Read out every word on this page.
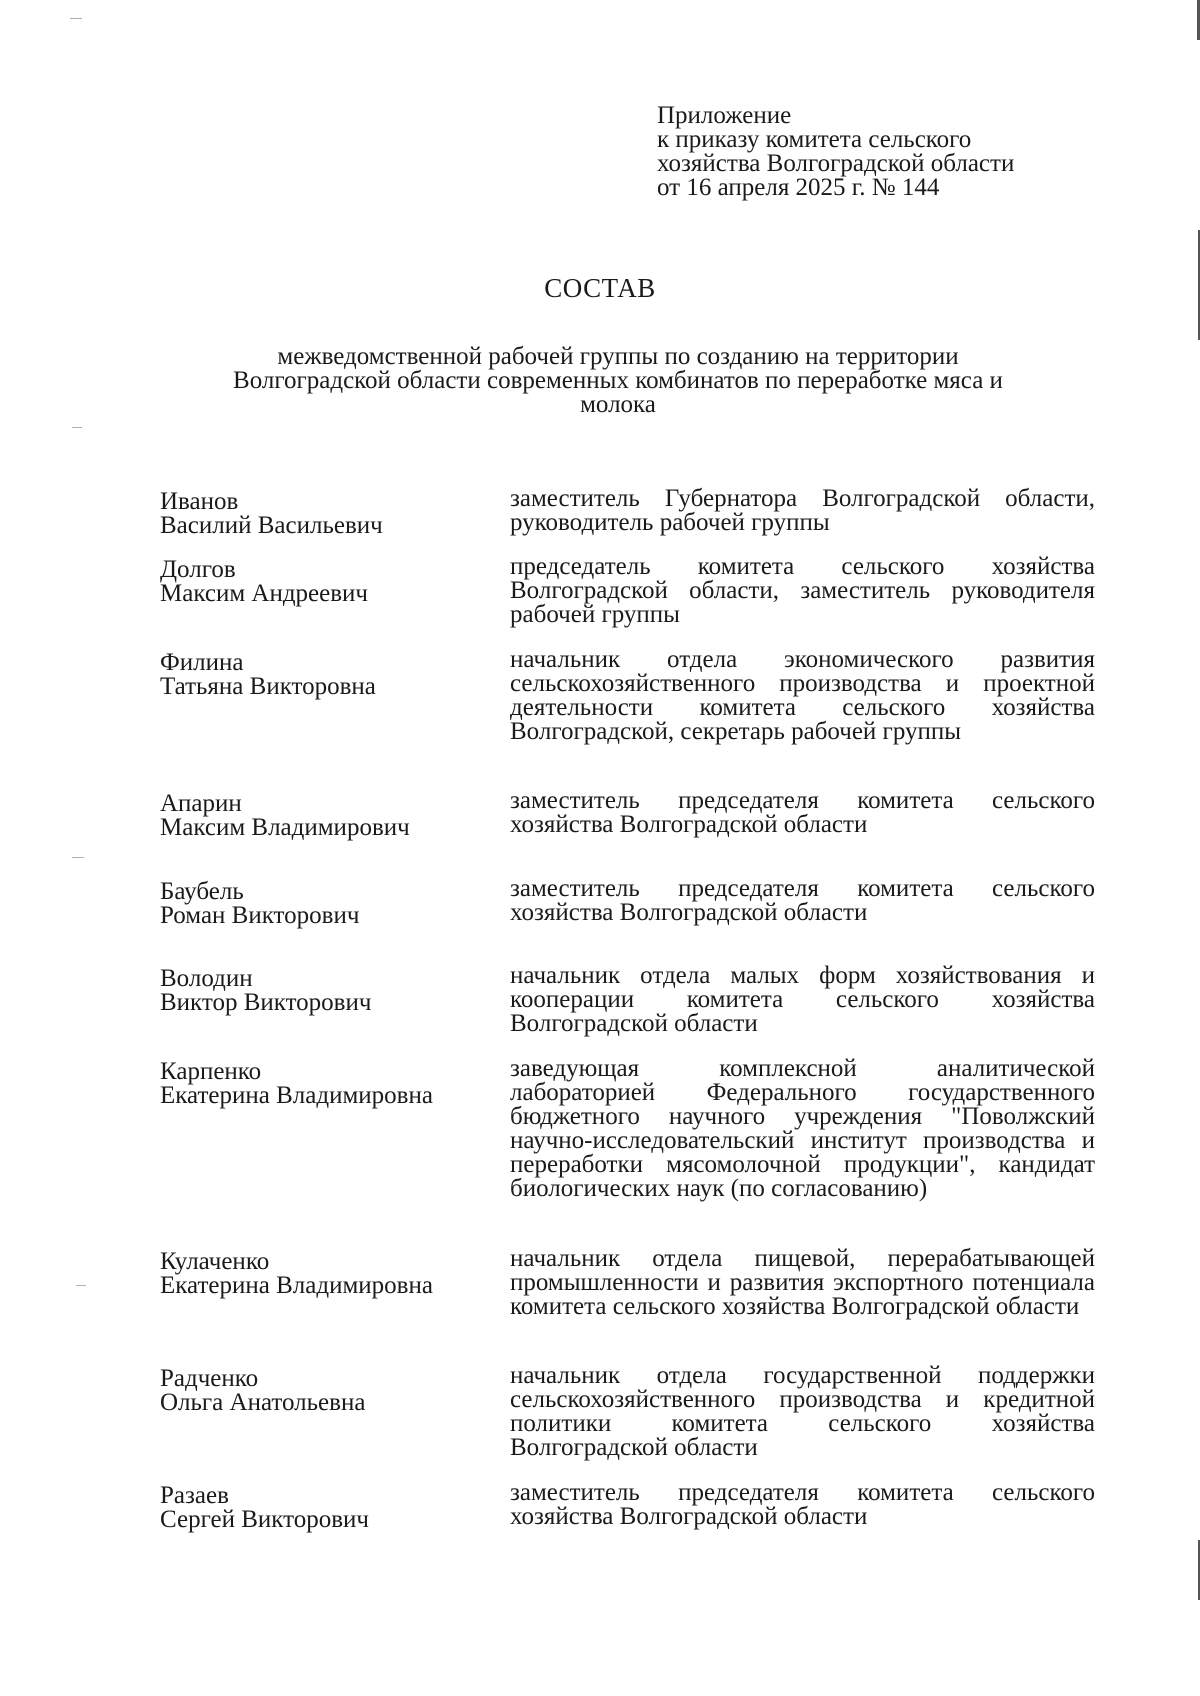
Приложение
к приказу комитета сельского
хозяйства Волгоградской области
от 16 апреля 2025 г. № 144
СОСТАВ
межведомственной рабочей группы по созданию на территории
Волгоградской области современных комбинатов по переработке мяса и
молока
Иванов
Василий Васильевич
заместитель Губернатора Волгоградской области, руководитель рабочей группы
Долгов
Максим Андреевич
председатель комитета сельского хозяйства Волгоградской области, заместитель руководителя рабочей группы
Филина
Татьяна Викторовна
начальник отдела экономического развития сельскохозяйственного производства и проектной деятельности комитета сельского хозяйства Волгоградской, секретарь рабочей группы
Апарин
Максим Владимирович
заместитель председателя комитета сельского хозяйства Волгоградской области
Баубель
Роман Викторович
заместитель председателя комитета сельского хозяйства Волгоградской области
Володин
Виктор Викторович
начальник отдела малых форм хозяйствования и кооперации комитета сельского хозяйства Волгоградской области
Карпенко
Екатерина Владимировна
заведующая комплексной аналитической лабораторией Федерального государственного бюджетного научного учреждения "Поволжский научно-исследовательский институт производства и переработки мясомолочной продукции", кандидат биологических наук (по согласованию)
Кулаченко
Екатерина Владимировна
начальник отдела пищевой, перерабатывающей промышленности и развития экспортного потенциала комитета сельского хозяйства Волгоградской области
Радченко
Ольга Анатольевна
начальник отдела государственной поддержки сельскохозяйственного производства и кредитной политики комитета сельского хозяйства Волгоградской области
Разаев
Сергей Викторович
заместитель председателя комитета сельского хозяйства Волгоградской области
